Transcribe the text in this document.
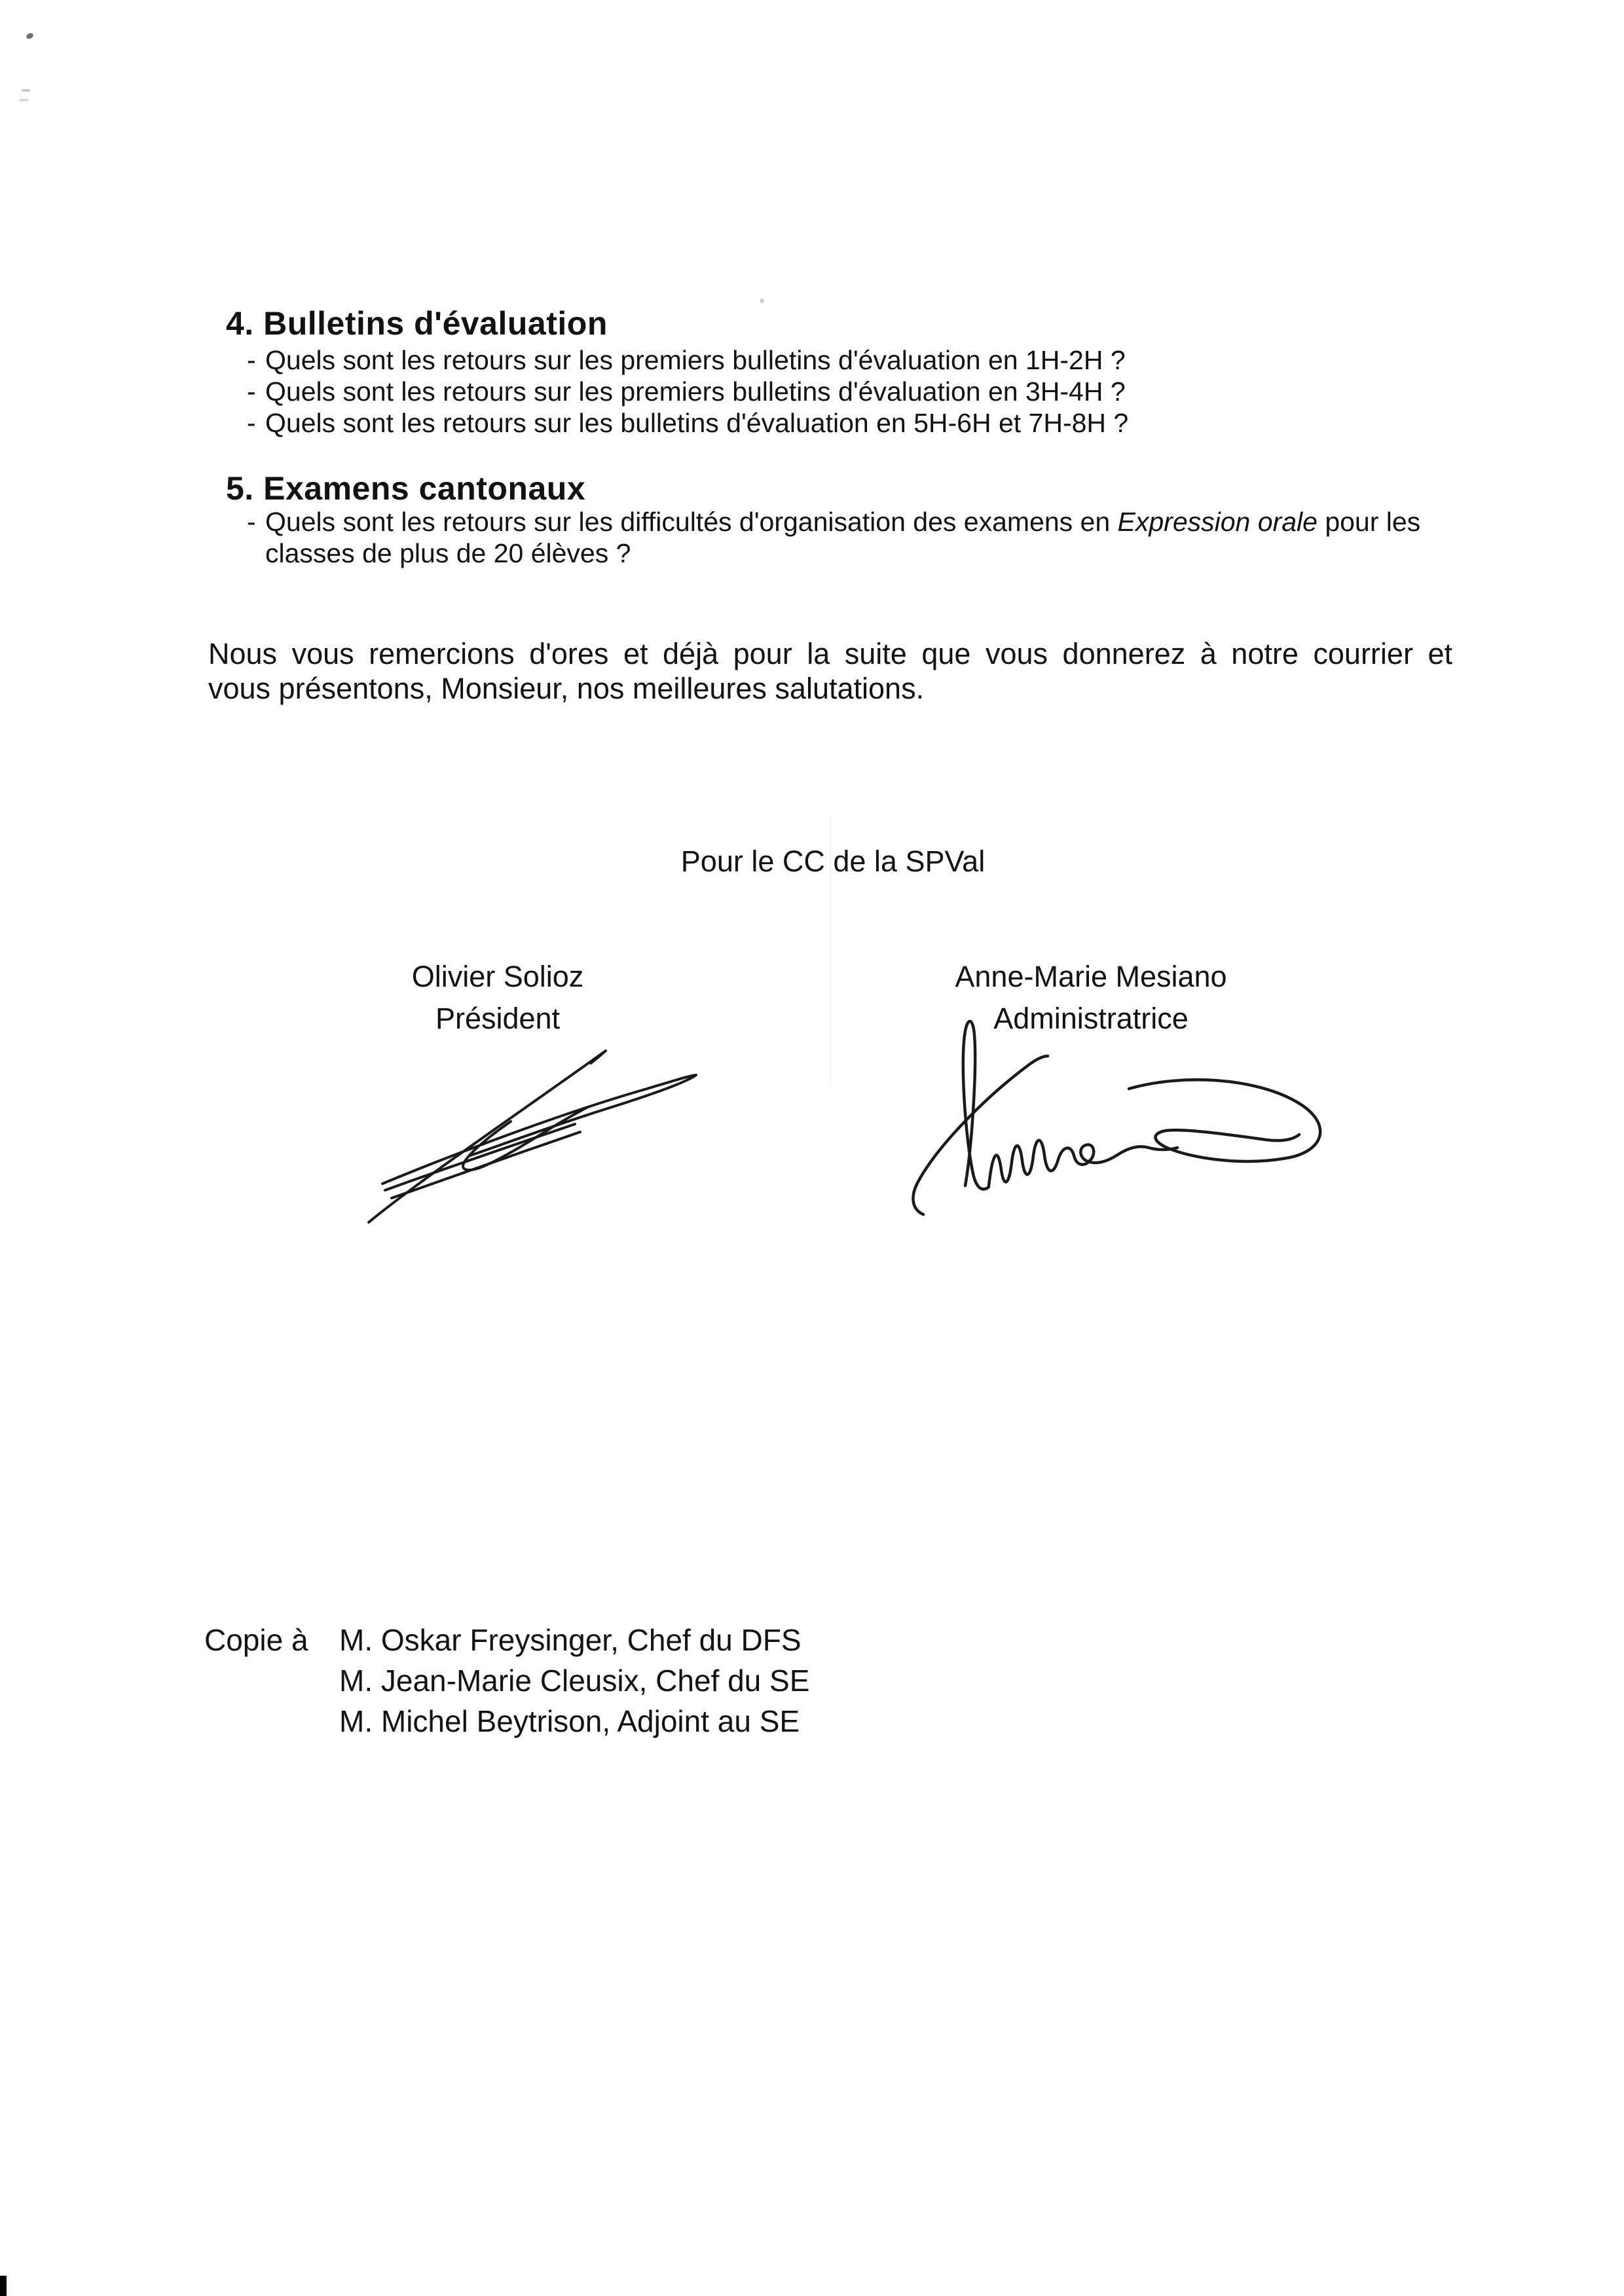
4. Bulletins d'évaluation
- Quels sont les retours sur les premiers bulletins d'évaluation en 1H-2H ?
- Quels sont les retours sur les premiers bulletins d'évaluation en 3H-4H ?
- Quels sont les retours sur les bulletins d'évaluation en 5H-6H et 7H-8H ?
5. Examens cantonaux
- Quels sont les retours sur les difficultés d'organisation des examens en Expression orale pour les
classes de plus de 20 élèves ?
Nous vous remercions d'ores et déjà pour la suite que vous donnerez à notre courrier et
vous présentons, Monsieur, nos meilleures salutations.
Pour le CC de la SPVal
Olivier Solioz
Président
Anne-Marie Mesiano
Administratrice
Copie à M. Oskar Freysinger, Chef du DFS
M. Jean-Marie Cleusix, Chef du SE
M. Michel Beytrison, Adjoint au SE
